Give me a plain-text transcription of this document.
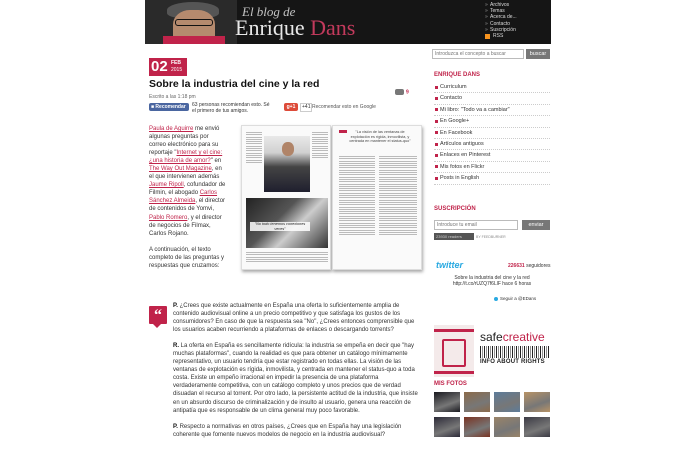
El blog de
Enrique Dans
» Archivos
» Temas
» Acerca de...
» Contacto
» Suscripción
RSS
02 FEB
2015
Sobre la industria del cine y la red
Escrito a las 1:18 pm
9
■ Recomendar	63 personas recomiendan esto. Sé el primero de tus amigos.
g+1	+41 Recomendar esto en Google

Paula de Aguirre me envió algunas preguntas por correo electrónico para su reportaje "Internet y el cine: ¿una historia de amor?" en The Way Out Magazine, en el que intervienen además Jaume Ripoll, cofundador de Filmin, el abogado Carlos Sánchez Almeida, el director de contenidos de Yomvi, Pablo Romero, y el director de negocios de Filmax, Carlos Rojano.

A continuación, el texto completo de las preguntas y respuestas que cruzamos:

"No todo tenemos conexiones veces"
"La visión de las ventanas de explotación es rígida, inmovilista, y centrada en mantener el status-quo"
“

P. ¿Crees que existe actualmente en España una oferta lo suficientemente amplia de contenido audiovisual online a un precio competitivo y que satisfaga los gustos de los consumidores? En caso de que la respuesta sea "No", ¿Crees entonces comprensible que los usuarios acaben recurriendo a plataformas de enlaces o descargando torrents?

R. La oferta en España es sencillamente ridícula: la industria se empeña en decir que "hay muchas plataformas", cuando la realidad es que para obtener un catálogo mínimamente representativo, un usuario tendría que estar registrado en todas ellas. La visión de las ventanas de explotación es rígida, inmovilista, y centrada en mantener el status-quo a toda costa. Existe un empeño irracional en impedir la presencia de una plataforma verdaderamente competitiva, con un catálogo completo y unos precios que de verdad disuadan el recurso al torrent. Por otro lado, la persistente actitud de la industria, que insiste en un absurdo discurso de criminalización y de insulto al usuario, genera una reacción de antipatía que es responsable de un clima general muy poco favorable.

P. Respecto a normativas en otros países, ¿Crees que en España hay una legislación coherente que fomente nuevos modelos de negocio en la industria audiovisual?

Introduzca el concepto a buscar
buscar
ENRIQUE DANS
Curriculum
Contacto
Mi libro: "Todo va a cambiar"
En Google+
En Facebook
Artículos antiguos
Enlaces en Pinterest
Mis fotos en Flickr
Posts in English
SUSCRIPCIÓN
Introduce tu email
enviar
23930 readers	BY FEEDBURNER
twitter	226631 seguidores
Sobre la industria del cine y la red http://t.co/rUZQ7f6LlF hace 6 horas
Seguir a @EDans
safecreative
INFO ABOUT RIGHTS
MIS FOTOS
